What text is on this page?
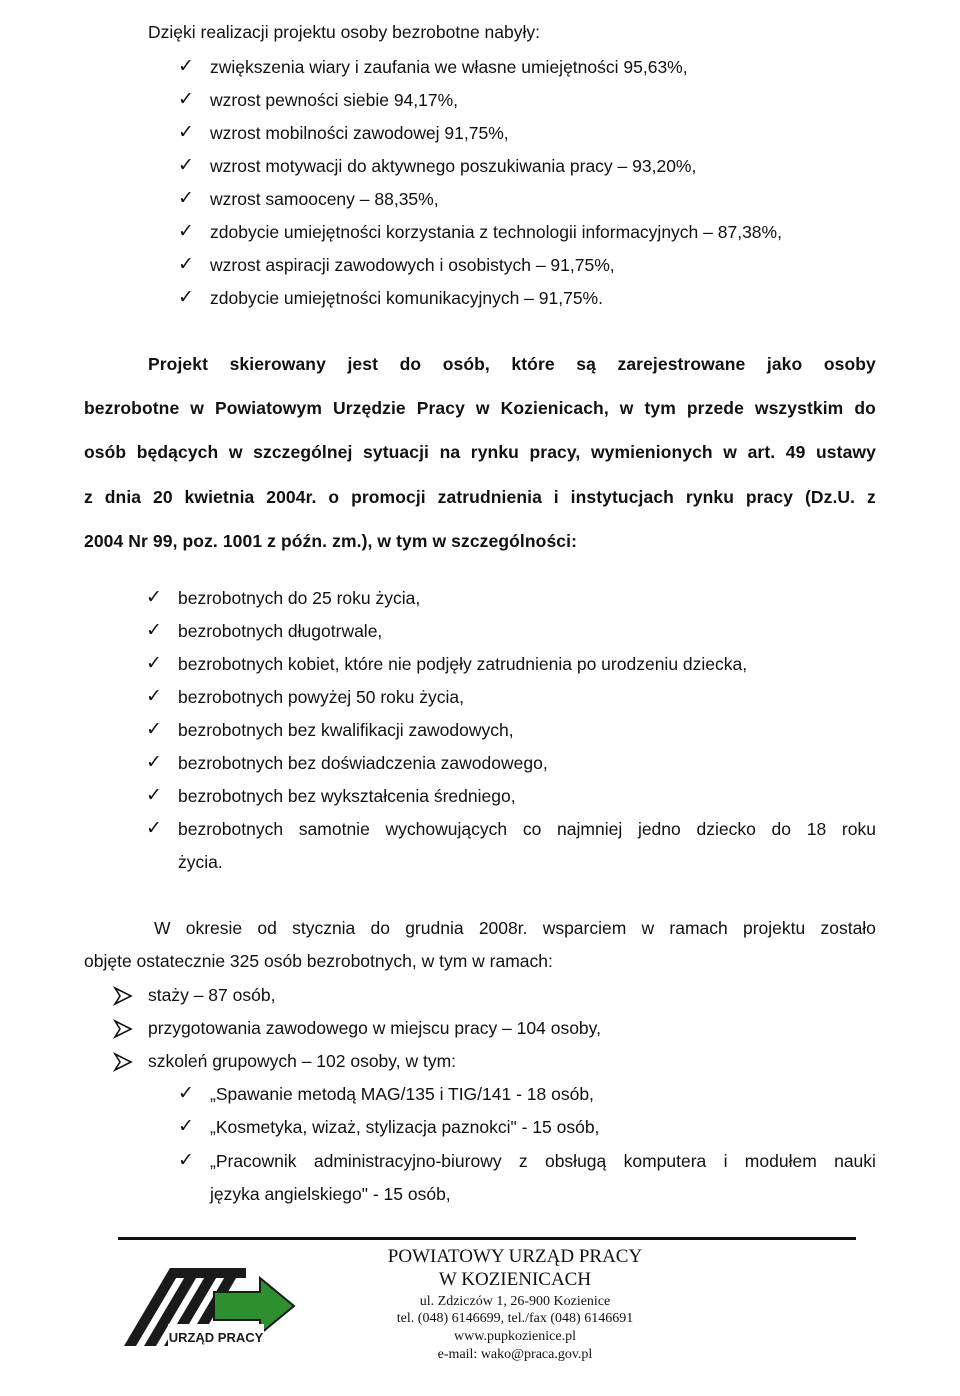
Dzięki realizacji projektu osoby bezrobotne nabyły:
✓ zwiększenia wiary i zaufania we własne umiejętności 95,63%,
✓ wzrost pewności siebie 94,17%,
✓ wzrost mobilności zawodowej 91,75%,
✓ wzrost motywacji do aktywnego poszukiwania pracy – 93,20%,
✓ wzrost samooceny – 88,35%,
✓ zdobycie umiejętności korzystania z technologii informacyjnych – 87,38%,
✓ wzrost aspiracji zawodowych i osobistych – 91,75%,
✓ zdobycie umiejętności komunikacyjnych – 91,75%.
Projekt skierowany jest do osób, które są zarejestrowane jako osoby
bezrobotne w Powiatowym Urzędzie Pracy w Kozienicach, w tym przede wszystkim do
osób będących w szczególnej sytuacji na rynku pracy, wymienionych w art. 49 ustawy
z dnia 20 kwietnia 2004r. o promocji zatrudnienia i instytucjach rynku pracy (Dz.U. z
2004 Nr 99, poz. 1001 z późn. zm.), w tym w szczególności:
✓ bezrobotnych do 25 roku życia,
✓ bezrobotnych długotrwale,
✓ bezrobotnych kobiet, które nie podjęły zatrudnienia po urodzeniu dziecka,
✓ bezrobotnych powyżej 50 roku życia,
✓ bezrobotnych bez kwalifikacji zawodowych,
✓ bezrobotnych bez doświadczenia zawodowego,
✓ bezrobotnych bez wykształcenia średniego,
✓ bezrobotnych samotnie wychowujących co najmniej jedno dziecko do 18 roku
życia.
W okresie od stycznia do grudnia 2008r. wsparciem w ramach projektu zostało
objęte ostatecznie 325 osób bezrobotnych, w tym w ramach:
staży – 87 osób,
przygotowania zawodowego w miejscu pracy – 104 osoby,
szkoleń grupowych – 102 osoby, w tym:
✓ „Spawanie metodą MAG/135 i TIG/141 - 18 osób,
✓ „Kosmetyka, wizaż, stylizacja paznokci" - 15 osób,
✓ „Pracownik administracyjno-biurowy z obsługą komputera i modułem nauki
języka angielskiego" - 15 osób,
URZĄD PRACY
POWIATOWY URZĄD PRACY
W KOZIENICACH
ul. Zdziczów 1, 26-900 Kozienice
tel. (048) 6146699, tel./fax (048) 6146691
www.pupkozienice.pl
e-mail: wako@praca.gov.pl
